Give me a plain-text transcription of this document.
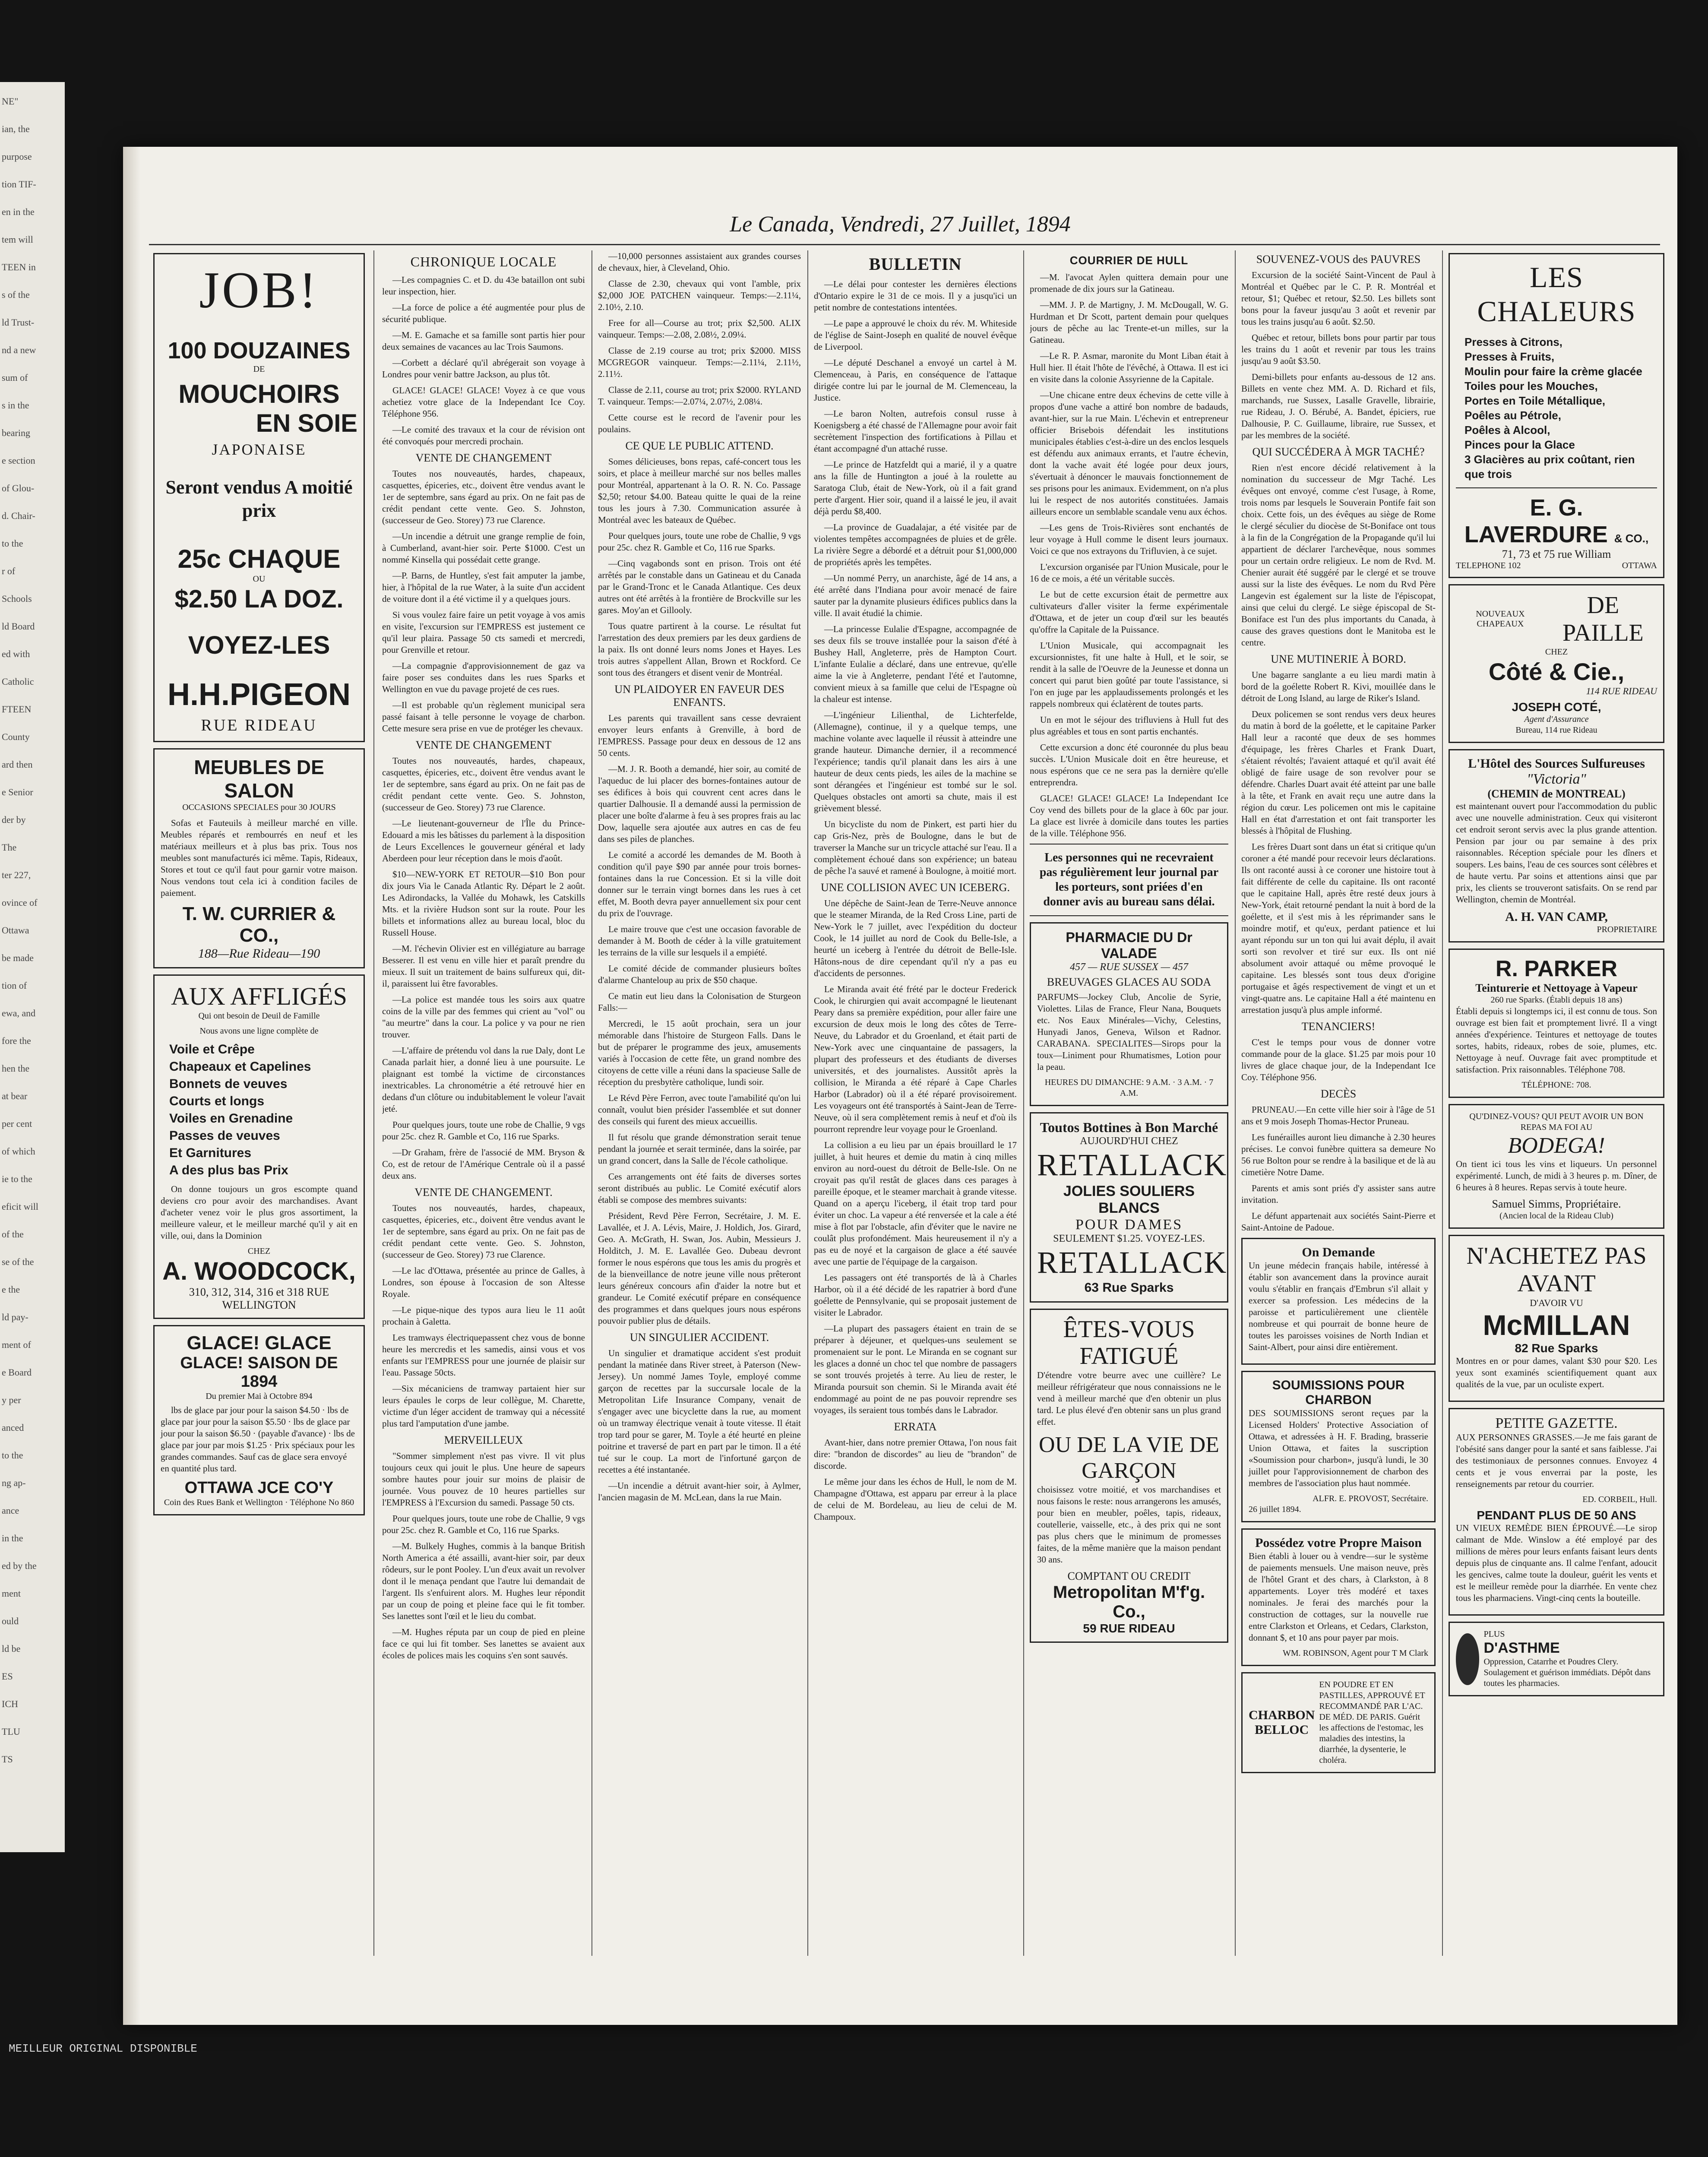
NE"
ian, the
purpose
tion TIF-
en in the
tem will
TEEN in
s of the
ld Trust-
nd a new
sum of
s in the
bearing
e section
of Glou-
d. Chair-
to the
r of
Schools
ld Board
ed with
Catholic
FTEEN
County
ard then
e Senior
der by
The
ter 227,
ovince of
Ottawa
be made
tion of
ewa, and
fore the
hen the
at bear
per cent
of which
ie to the
eficit will
of the
se of the
e the
ld pay-
ment of
e Board
y per
anced
to the
ng ap-
ance
in the
ed by the
ment
ould
ld be
ES
ICH
TLU
TS
Le Canada, Vendredi, 27 Juillet, 1894
JOB!
100 DOUZAINES
DE
MOUCHOIRS
EN SOIE
JAPONAISE
Seront vendus A moitié prix
25c CHAQUE
OU
$2.50 LA DOZ.
VOYEZ-LES
H.H.PIGEON
RUE RIDEAU
MEUBLES DE SALON
OCCASIONS SPECIALES pour 30 JOURS

Sofas et Fauteuils à meilleur marché en ville. Meubles réparés et rembourrés en neuf et les matériaux meilleurs et à plus bas prix. Tous nos meubles sont manufacturés ici même. Tapis, Rideaux, Stores et tout ce qu'il faut pour garnir votre maison. Nous vendons tout cela ici à condition faciles de paiement.

T. W. CURRIER & CO.,
188—Rue Rideau—190
AUX AFFLIGÉS
Qui ont besoin de Deuil de Famille
Nous avons une ligne complète de
Voile et Crêpe
Chapeaux et Capelines
Bonnets de veuves
Courts et longs
Voiles en Grenadine
Passes de veuves
Et Garnitures
A des plus bas Prix

On donne toujours un gros escompte quand deviens cro pour avoir des marchandises. Avant d'acheter venez voir le plus gros assortiment, la meilleure valeur, et le meilleur marché qu'il y ait en ville, oui, dans la Dominion

CHEZ
A. WOODCOCK,
310, 312, 314, 316 et 318 RUE WELLINGTON
GLACE! GLACE
GLACE! SAISON DE 1894
Du premier Mai à Octobre 894

lbs de glace par jour pour la saison $4.50 · lbs de glace par jour pour la saison $5.50 · lbs de glace par jour pour la saison $6.50 · (payable d'avance) · lbs de glace par jour par mois $1.25 · Prix spéciaux pour les grandes commandes. Sauf cas de glace sera envoyé en quantité plus tard.

OTTAWA JCE CO'Y
Coin des Rues Bank et Wellington · Téléphone No 860
CHRONIQUE LOCALE

—Les compagnies C. et D. du 43e bataillon ont subi leur inspection, hier.

—La force de police a été augmentée pour plus de sécurité publique.

—M. E. Gamache et sa famille sont partis hier pour deux semaines de vacances au lac Trois Saumons.

—Corbett a déclaré qu'il abrégerait son voyage à Londres pour venir battre Jackson, au plus tôt.

GLACE! GLACE! GLACE! Voyez à ce que vous achetiez votre glace de la Independant Ice Coy. Téléphone 956.

—Le comité des travaux et la cour de révision ont été convoqués pour mercredi prochain.

VENTE DE CHANGEMENT

Toutes nos nouveautés, hardes, chapeaux, casquettes, épiceries, etc., doivent être vendus avant le 1er de septembre, sans égard au prix. On ne fait pas de crédit pendant cette vente. Geo. S. Johnston, (successeur de Geo. Storey) 73 rue Clarence.

—Un incendie a détruit une grange remplie de foin, à Cumberland, avant-hier soir. Perte $1000. C'est un nommé Kinsella qui possédait cette grange.

—P. Barns, de Huntley, s'est fait amputer la jambe, hier, à l'hôpital de la rue Water, à la suite d'un accident de voiture dont il a été victime il y a quelques jours.

Si vous voulez faire faire un petit voyage à vos amis en visite, l'excursion sur l'EMPRESS est justement ce qu'il leur plaira. Passage 50 cts samedi et mercredi, pour Grenville et retour.

—La compagnie d'approvisionnement de gaz va faire poser ses conduites dans les rues Sparks et Wellington en vue du pavage projeté de ces rues.

—Il est probable qu'un règlement municipal sera passé faisant à telle personne le voyage de charbon. Cette mesure sera prise en vue de protéger les chevaux.

VENTE DE CHANGEMENT

Toutes nos nouveautés, hardes, chapeaux, casquettes, épiceries, etc., doivent être vendus avant le 1er de septembre, sans égard au prix. On ne fait pas de crédit pendant cette vente. Geo. S. Johnston, (successeur de Geo. Storey) 73 rue Clarence.

—Le lieutenant-gouverneur de l'Île du Prince-Edouard a mis les bâtisses du parlement à la disposition de Leurs Excellences le gouverneur général et lady Aberdeen pour leur réception dans le mois d'août.

$10—NEW-YORK ET RETOUR—$10 Bon pour dix jours Via le Canada Atlantic Ry. Départ le 2 août. Les Adirondacks, la Vallée du Mohawk, les Catskills Mts. et la rivière Hudson sont sur la route. Pour les billets et informations allez au bureau local, bloc du Russell House.

—M. l'échevin Olivier est en villégiature au barrage Besserer. Il est venu en ville hier et paraît prendre du mieux. Il suit un traitement de bains sulfureux qui, dit-il, paraissent lui être favorables.

—La police est mandée tous les soirs aux quatre coins de la ville par des femmes qui crient au "vol" ou "au meurtre" dans la cour. La police y va pour ne rien trouver.

—L'affaire de prétendu vol dans la rue Daly, dont Le Canada parlait hier, a donné lieu à une poursuite. Le plaignant est tombé la victime de circonstances inextricables. La chronométrie a été retrouvé hier en dedans d'un clôture ou indubitablement le voleur l'avait jeté.

Pour quelques jours, toute une robe de Challie, 9 vgs pour 25c. chez R. Gamble et Co, 116 rue Sparks.

—Dr Graham, frère de l'associé de MM. Bryson & Co, est de retour de l'Amérique Centrale où il a passé deux ans.

VENTE DE CHANGEMENT.

Toutes nos nouveautés, hardes, chapeaux, casquettes, épiceries, etc., doivent être vendus avant le 1er de septembre, sans égard au prix. On ne fait pas de crédit pendant cette vente. Geo. S. Johnston, (successeur de Geo. Storey) 73 rue Clarence.

—Le lac d'Ottawa, présentée au prince de Galles, à Londres, son épouse à l'occasion de son Altesse Royale.

—Le pique-nique des typos aura lieu le 11 août prochain à Galetta.

Les tramways électriquepassent chez vous de bonne heure les mercredis et les samedis, ainsi vous et vos enfants sur l'EMPRESS pour une journée de plaisir sur l'eau. Passage 50cts.

—Six mécaniciens de tramway partaient hier sur leurs épaules le corps de leur collègue, M. Charette, victime d'un léger accident de tramway qui a nécessité plus tard l'amputation d'une jambe.

MERVEILLEUX

"Sommer simplement n'est pas vivre. Il vit plus toujours ceux qui jouit le plus. Une heure de sapeurs sombre hautes pour jouir sur moins de plaisir de journée. Vous pouvez de 10 heures partielles sur l'EMPRESS à l'Excursion du samedi. Passage 50 cts.

Pour quelques jours, toute une robe de Challie, 9 vgs pour 25c. chez R. Gamble et Co, 116 rue Sparks.

—M. Bulkely Hughes, commis à la banque British North America a été assailli, avant-hier soir, par deux rôdeurs, sur le pont Pooley. L'un d'eux avait un revolver dont il le menaça pendant que l'autre lui demandait de l'argent. Ils s'enfuirent alors. M. Hughes leur répondit par un coup de poing et pleine face qui le fit tomber. Ses lanettes sont l'œil et le lieu du combat.

—M. Hughes réputa par un coup de pied en pleine face ce qui lui fit tomber. Ses lanettes se avaient aux écoles de polices mais les coquins s'en sont sauvés.

—10,000 personnes assistaient aux grandes courses de chevaux, hier, à Cleveland, Ohio.

Classe de 2.30, chevaux qui vont l'amble, prix $2,000 JOE PATCHEN vainqueur. Temps:—2.11¼, 2.10½, 2.10.

Free for all—Course au trot; prix $2,500. ALIX vainqueur. Temps:—2.08, 2.08½, 2.09¼.

Classe de 2.19 course au trot; prix $2000. MISS MCGREGOR vainqueur. Temps:—2.11¼, 2.11½, 2.11½.

Classe de 2.11, course au trot; prix $2000. RYLAND T. vainqueur. Temps:—2.07¼, 2.07½, 2.08¼.

Cette course est le record de l'avenir pour les poulains.

CE QUE LE PUBLIC ATTEND.

Somes délicieuses, bons repas, café-concert tous les soirs, et place à meilleur marché sur nos belles malles pour Montréal, appartenant à la O. R. N. Co. Passage $2,50; retour $4.00. Bateau quitte le quai de la reine tous les jours à 7.30. Communication assurée à Montréal avec les bateaux de Québec.

Pour quelques jours, toute une robe de Challie, 9 vgs pour 25c. chez R. Gamble et Co, 116 rue Sparks.

—Cinq vagabonds sont en prison. Trois ont été arrêtés par le constable dans un Gatineau et du Canada par le Grand-Tronc et le Canada Atlantique. Ces deux autres ont été arrêtés à la frontière de Brockville sur les gares. Moy'an et Gillooly.

Tous quatre partirent à la course. Le résultat fut l'arrestation des deux premiers par les deux gardiens de la paix. Ils ont donné leurs noms Jones et Hayes. Les trois autres s'appellent Allan, Brown et Rockford. Ce sont tous des étrangers et disent venir de Montréal.

UN PLAIDOYER EN FAVEUR DES ENFANTS.

Les parents qui travaillent sans cesse devraient envoyer leurs enfants à Grenville, à bord de l'EMPRESS. Passage pour deux en dessous de 12 ans 50 cents.

—M. J. R. Booth a demandé, hier soir, au comité de l'aqueduc de lui placer des bornes-fontaines autour de ses édifices à bois qui couvrent cent acres dans le quartier Dalhousie. Il a demandé aussi la permission de placer une boîte d'alarme à feu à ses propres frais au lac Dow, laquelle sera ajoutée aux autres en cas de feu dans ses piles de planches.

Le comité a accordé les demandes de M. Booth à condition qu'il paye $90 par année pour trois bornes-fontaines dans la rue Concession. Et si la ville doit donner sur le terrain vingt bornes dans les rues à cet effet, M. Booth devra payer annuellement six pour cent du prix de l'ouvrage.

Le maire trouve que c'est une occasion favorable de demander à M. Booth de céder à la ville gratuitement les terrains de la ville sur lesquels il a empiété.

Le comité décide de commander plusieurs boîtes d'alarme Chanteloup au prix de $50 chaque.

Ce matin eut lieu dans la Colonisation de Sturgeon Falls:—

Mercredi, le 15 août prochain, sera un jour mémorable dans l'histoire de Sturgeon Falls. Dans le but de préparer le programme des jeux, amusements variés à l'occasion de cette fête, un grand nombre des citoyens de cette ville a réuni dans la spacieuse Salle de réception du presbytère catholique, lundi soir.

Le Révd Père Ferron, avec toute l'amabilité qu'on lui connaît, voulut bien présider l'assemblée et sut donner des conseils qui furent des mieux accueillis.

Il fut résolu que grande démonstration serait tenue pendant la journée et serait terminée, dans la soirée, par un grand concert, dans la Salle de l'école catholique.

Ces arrangements ont été faits de diverses sortes seront distribués au public. Le Comité exécutif alors établi se compose des membres suivants:

Président, Revd Père Ferron, Secrétaire, J. M. E. Lavallée, et J. A. Lévis, Maire, J. Holdich, Jos. Girard, Geo. A. McGrath, H. Swan, Jos. Aubin, Messieurs J. Holditch, J. M. E. Lavallée Geo. Dubeau devront former le nous espérons que tous les amis du progrès et de la bienveillance de notre jeune ville nous prêteront leurs généreux concours afin d'aider la notre but et grandeur. Le Comité exécutif prépare en conséquence des programmes et dans quelques jours nous espérons pouvoir publier plus de détails.

UN SINGULIER ACCIDENT.

Un singulier et dramatique accident s'est produit pendant la matinée dans River street, à Paterson (New-Jersey). Un nommé James Toyle, employé comme garçon de recettes par la succursale locale de la Metropolitan Life Insurance Company, venait de s'engager avec une bicyclette dans la rue, au moment où un tramway électrique venait à toute vitesse. Il était trop tard pour se garer, M. Toyle a été heurté en pleine poitrine et traversé de part en part par le timon. Il a été tué sur le coup. La mort de l'infortuné garçon de recettes a été instantanée.

—Un incendie a détruit avant-hier soir, à Aylmer, l'ancien magasin de M. McLean, dans la rue Main.

BULLETIN

—Le délai pour contester les dernières élections d'Ontario expire le 31 de ce mois. Il y a jusqu'ici un petit nombre de contestations intentées.

—Le pape a approuvé le choix du rév. M. Whiteside de l'église de Saint-Joseph en qualité de nouvel évêque de Liverpool.

—Le député Deschanel a envoyé un cartel à M. Clemenceau, à Paris, en conséquence de l'attaque dirigée contre lui par le journal de M. Clemenceau, la Justice.

—Le baron Nolten, autrefois consul russe à Koenigsberg a été chassé de l'Allemagne pour avoir fait secrètement l'inspection des fortifications à Pillau et étant accompagné d'un attaché russe.

—Le prince de Hatzfeldt qui a marié, il y a quatre ans la fille de Huntington a joué à la roulette au Saratoga Club, était de New-York, où il a fait grand perte d'argent. Hier soir, quand il a laissé le jeu, il avait déjà perdu $8,400.

—La province de Guadalajar, a été visitée par de violentes tempêtes accompagnées de pluies et de grêle. La rivière Segre a débordé et a détruit pour $1,000,000 de propriétés après les tempêtes.

—Un nommé Perry, un anarchiste, âgé de 14 ans, a été arrêté dans l'Indiana pour avoir menacé de faire sauter par la dynamite plusieurs édifices publics dans la ville. Il avait étudié la chimie.

—La princesse Eulalie d'Espagne, accompagnée de ses deux fils se trouve installée pour la saison d'été à Bushey Hall, Angleterre, près de Hampton Court. L'infante Eulalie a déclaré, dans une entrevue, qu'elle aime la vie à Angleterre, pendant l'été et l'automne, convient mieux à sa famille que celui de l'Espagne où la chaleur est intense.

—L'ingénieur Lilienthal, de Lichterfelde, (Allemagne), continue, il y a quelque temps, une machine volante avec laquelle il réussit à atteindre une grande hauteur. Dimanche dernier, il a recommencé l'expérience; tandis qu'il planait dans les airs à une hauteur de deux cents pieds, les ailes de la machine se sont dérangées et l'ingénieur est tombé sur le sol. Quelques obstacles ont amorti sa chute, mais il est grièvement blessé.

Un bicycliste du nom de Pinkert, est parti hier du cap Gris-Nez, près de Boulogne, dans le but de traverser la Manche sur un tricycle attaché sur l'eau. Il a complètement échoué dans son expérience; un bateau de pêche l'a sauvé et ramené à Boulogne, à moitié mort.

UNE COLLISION AVEC UN ICEBERG.

Une dépêche de Saint-Jean de Terre-Neuve annonce que le steamer Miranda, de la Red Cross Line, parti de New-York le 7 juillet, avec l'expédition du docteur Cook, le 14 juillet au nord de Cook du Belle-Isle, a heurté un iceberg à l'entrée du détroit de Belle-Isle. Hâtons-nous de dire cependant qu'il n'y a pas eu d'accidents de personnes.

Le Miranda avait été frété par le docteur Frederick Cook, le chirurgien qui avait accompagné le lieutenant Peary dans sa première expédition, pour aller faire une excursion de deux mois le long des côtes de Terre-Neuve, du Labrador et du Groenland, et était parti de New-York avec une cinquantaine de passagers, la plupart des professeurs et des étudiants de diverses universités, et des journalistes. Aussitôt après la collision, le Miranda a été réparé à Cape Charles Harbor (Labrador) où il a été réparé provisoirement. Les voyageurs ont été transportés à Saint-Jean de Terre-Neuve, où il sera complètement remis à neuf et d'où ils pourront reprendre leur voyage pour le Groenland.

La collision a eu lieu par un épais brouillard le 17 juillet, à huit heures et demie du matin à cinq milles environ au nord-ouest du détroit de Belle-Isle. On ne croyait pas qu'il restât de glaces dans ces parages à pareille époque, et le steamer marchait à grande vitesse. Quand on a aperçu l'iceberg, il était trop tard pour éviter un choc. La vapeur a été renversée et la cale a été mise à flot par l'obstacle, afin d'éviter que le navire ne coulât plus profondément. Mais heureusement il n'y a pas eu de noyé et la cargaison de glace a été sauvée avec une partie de l'équipage de la cargaison.

Les passagers ont été transportés de là à Charles Harbor, où il a été décidé de les rapatrier à bord d'une goélette de Pennsylvanie, qui se proposait justement de visiter le Labrador.

—La plupart des passagers étaient en train de se préparer à déjeuner, et quelques-uns seulement se promenaient sur le pont. Le Miranda en se cognant sur les glaces a donné un choc tel que nombre de passagers se sont trouvés projetés à terre. Au lieu de rester, le Miranda poursuit son chemin. Si le Miranda avait été endommagé au point de ne pas pouvoir reprendre ses voyages, ils seraient tous tombés dans le Labrador.

ERRATA

Avant-hier, dans notre premier Ottawa, l'on nous fait dire: "brandon de discordes" au lieu de "brandon" de discorde.

Le même jour dans les échos de Hull, le nom de M. Champagne d'Ottawa, est apparu par erreur à la place de celui de M. Bordeleau, au lieu de celui de M. Champoux.

COURRIER DE HULL

—M. l'avocat Aylen quittera demain pour une promenade de dix jours sur la Gatineau.

—MM. J. P. de Martigny, J. M. McDougall, W. G. Hurdman et Dr Scott, partent demain pour quelques jours de pêche au lac Trente-et-un milles, sur la Gatineau.

—Le R. P. Asmar, maronite du Mont Liban était à Hull hier. Il était l'hôte de l'évêché, à Ottawa. Il est ici en visite dans la colonie Assyrienne de la Capitale.

—Une chicane entre deux échevins de cette ville à propos d'une vache a attiré bon nombre de badauds, avant-hier, sur la rue Main. L'échevin et entrepreneur officier Brisebois défendait les institutions municipales établies c'est-à-dire un des enclos lesquels est défendu aux animaux errants, et l'autre échevin, dont la vache avait été logée pour deux jours, s'évertuait à dénoncer le mauvais fonctionnement de ses prisons pour les animaux. Evidemment, on n'a plus lui le respect de nos autorités constituées. Jamais ailleurs encore un semblable scandale venu aux échos.

—Les gens de Trois-Rivières sont enchantés de leur voyage à Hull comme le disent leurs journaux. Voici ce que nos extrayons du Trifluvien, à ce sujet.

L'excursion organisée par l'Union Musicale, pour le 16 de ce mois, a été un véritable succès.

Le but de cette excursion était de permettre aux cultivateurs d'aller visiter la ferme expérimentale d'Ottawa, et de jeter un coup d'œil sur les beautés qu'offre la Capitale de la Puissance.

L'Union Musicale, qui accompagnait les excursionnistes, fit une halte à Hull, et le soir, se rendit à la salle de l'Oeuvre de la Jeunesse et donna un concert qui parut bien goûté par toute l'assistance, si l'on en juge par les applaudissements prolongés et les rappels nombreux qui éclatèrent de toutes parts.

Un en mot le séjour des trifluviens à Hull fut des plus agréables et tous en sont partis enchantés.

Cette excursion a donc été couronnée du plus beau succès. L'Union Musicale doit en être heureuse, et nous espérons que ce ne sera pas la dernière qu'elle entreprendra.

GLACE! GLACE! GLACE! La Independant Ice Coy vend des billets pour de la glace à 60c par jour. La glace est livrée à domicile dans toutes les parties de la ville. Téléphone 956.

Les personnes qui ne recevraient pas régulièrement leur journal par les porteurs, sont priées d'en donner avis au bureau sans délai.
PHARMACIE DU Dr VALADE
457 — RUE SUSSEX — 457
BREUVAGES GLACES AU SODA

PARFUMS—Jockey Club, Ancolie de Syrie, Violettes. Lilas de France, Fleur Nana, Bouquets etc. Nos Eaux Minérales—Vichy, Celestins, Hunyadi Janos, Geneva, Wilson et Radnor. CARABANA. SPECIALITES—Sirops pour la toux—Liniment pour Rhumatismes, Lotion pour la peau.

HEURES DU DIMANCHE: 9 A.M. · 3 A.M. · 7 A.M.
Toutos Bottines à Bon Marché
AUJOURD'HUI CHEZ
RETALLACK
JOLIES SOULIERS BLANCS
POUR DAMES
SEULEMENT $1.25. VOYEZ-LES.
RETALLACK
63 Rue Sparks
ÊTES-VOUS FATIGUÉ

D'étendre votre beurre avec une cuillère? Le meilleur réfrigérateur que nous connaissions ne le vend à meilleur marché que d'en obtenir un plus tard. Le plus élevé d'en obtenir sans un plus grand effet.

OU DE LA VIE DE GARÇON

choisissez votre moitié, et vos marchandises et nous faisons le reste: nous arrangerons les amusés, pour bien en meubler, poêles, tapis, rideaux, coutellerie, vaisselle, etc., à des prix qui ne sont pas plus chers que le minimum de promesses faites, de la même manière que la maison pendant 30 ans.

COMPTANT OU CREDIT
Metropolitan M'f'g. Co.,
59 RUE RIDEAU
SOUVENEZ-VOUS des PAUVRES

Excursion de la société Saint-Vincent de Paul à Montréal et Québec par le C. P. R. Montréal et retour, $1; Québec et retour, $2.50. Les billets sont bons pour la faveur jusqu'au 3 août et revenir par tous les trains jusqu'au 6 août. $2.50.

Québec et retour, billets bons pour partir par tous les trains du 1 août et revenir par tous les trains jusqu'au 9 août $3.50.

Demi-billets pour enfants au-dessous de 12 ans. Billets en vente chez MM. A. D. Richard et fils, marchands, rue Sussex, Lasalle Gravelle, librairie, rue Rideau, J. O. Bérubé, A. Bandet, épiciers, rue Dalhousie, P. C. Guillaume, libraire, rue Sussex, et par les membres de la société.

QUI SUCCÉDERA À MGR TACHÉ?

Rien n'est encore décidé relativement à la nomination du successeur de Mgr Taché. Les évêques ont envoyé, comme c'est l'usage, à Rome, trois noms par lesquels le Souverain Pontife fait son choix. Cette fois, un des évêques au siège de Rome le clergé séculier du diocèse de St-Boniface ont tous à la fin de la Congrégation de la Propagande qu'il lui appartient de déclarer l'archevêque, nous sommes pour un certain ordre religieux. Le nom de Rvd. M. Chenier aurait été suggéré par le clergé et se trouve aussi sur la liste des évêques. Le nom du Rvd Père Langevin est également sur la liste de l'épiscopat, ainsi que celui du clergé. Le siège épiscopal de St-Boniface est l'un des plus importants du Canada, à cause des graves questions dont le Manitoba est le centre.

UNE MUTINERIE À BORD.

Une bagarre sanglante a eu lieu mardi matin à bord de la goélette Robert R. Kivi, mouillée dans le détroit de Long Island, au large de Riker's Island.

Deux policemen se sont rendus vers deux heures du matin à bord de la goélette, et le capitaine Parker Hall leur a raconté que deux de ses hommes d'équipage, les frères Charles et Frank Duart, s'étaient révoltés; l'avaient attaqué et qu'il avait été obligé de faire usage de son revolver pour se défendre. Charles Duart avait été atteint par une balle à la tête, et Frank en avait reçu une autre dans la région du cœur. Les policemen ont mis le capitaine Hall en état d'arrestation et ont fait transporter les blessés à l'hôpital de Flushing.

Les frères Duart sont dans un état si critique qu'un coroner a été mandé pour recevoir leurs déclarations. Ils ont raconté aussi à ce coroner une histoire tout à fait différente de celle du capitaine. Ils ont raconté que le capitaine Hall, après être resté deux jours à New-York, était retourné pendant la nuit à bord de la goélette, et il s'est mis à les réprimander sans le moindre motif, et qu'eux, perdant patience et lui ayant répondu sur un ton qui lui avait déplu, il avait sorti son revolver et tiré sur eux. Ils ont nié absolument avoir attaqué ou même provoqué le capitaine. Les blessés sont tous deux d'origine portugaise et âgés respectivement de vingt et un et vingt-quatre ans. Le capitaine Hall a été maintenu en arrestation jusqu'à plus ample informé.

TENANCIERS!

C'est le temps pour vous de donner votre commande pour de la glace. $1.25 par mois pour 10 livres de glace chaque jour, de la Independant Ice Coy. Téléphone 956.

DECÈS

PRUNEAU.—En cette ville hier soir à l'âge de 51 ans et 9 mois Joseph Thomas-Hector Pruneau.

Les funérailles auront lieu dimanche à 2.30 heures précises. Le convoi funèbre quittera sa demeure No 56 rue Bolton pour se rendre à la basilique et de là au cimetière Notre Dame.

Parents et amis sont priés d'y assister sans autre invitation.

Le défunt appartenait aux sociétés Saint-Pierre et Saint-Antoine de Padoue.

On Demande

Un jeune médecin français habile, intéressé à établir son avancement dans la province aurait voulu s'établir en français d'Embrun s'il allait y exercer sa profession. Les médecins de la paroisse et particulièrement une clientèle nombreuse et qui pourrait de bonne heure de toutes les paroisses voisines de North Indian et Saint-Albert, pour ainsi dire entièrement.

SOUMISSIONS POUR CHARBON

DES SOUMISSIONS seront reçues par la Licensed Holders' Protective Association of Ottawa, et adressées à H. F. Brading, brasserie Union Ottawa, et faites la suscription «Soumission pour charbon», jusqu'à lundi, le 30 juillet pour l'approvisionnement de charbon des membres de l'association plus haut nommée.

ALFR. E. PROVOST, Secrétaire.
26 juillet 1894.
Possédez votre Propre Maison

Bien établi à louer ou à vendre—sur le système de paiements mensuels. Une maison neuve, près de l'hôtel Grant et des chars, à Clarkston, à 8 appartements. Loyer très modéré et taxes nominales. Je ferai des marchés pour la construction de cottages, sur la nouvelle rue entre Clarkston et Orleans, et Cedars, Clarkston, donnant $, et 10 ans pour payer par mois.

WM. ROBINSON, Agent pour T M Clark
CHARBON
BELLOC
EN POUDRE ET EN PASTILLES, APPROUVÉ ET RECOMMANDÉ PAR L'AC. DE MÉD. DE PARIS. Guérit les affections de l'estomac, les maladies des intestins, la diarrhée, la dysenterie, le choléra.
LES CHALEURS
Presses à Citrons,
Presses à Fruits,
Moulin pour faire la crème glacée
Toiles pour les Mouches,
Portes en Toile Métallique,
Poêles au Pétrole,
Poêles à Alcool,
Pinces pour la Glace
3 Glacières au prix coûtant, rien que trois
E. G. LAVERDURE & CO.,
71, 73 et 75 rue William
TELEPHONE 102	OTTAWA
NOUVEAUX CHAPEAUX
DE PAILLE
CHEZ
Côté & Cie.,
114 RUE RIDEAU
JOSEPH COTÉ,
Agent d'Assurance
Bureau, 114 rue Rideau
L'Hôtel des Sources Sulfureuses
"Victoria"
(CHEMIN de MONTREAL)

est maintenant ouvert pour l'accommodation du public avec une nouvelle administration. Ceux qui visiteront cet endroit seront servis avec la plus grande attention. Pension par jour ou par semaine à des prix raisonnables. Réception spéciale pour les dîners et soupers. Les bains, l'eau de ces sources sont célèbres et de haute vertu. Par soins et attentions ainsi que par prix, les clients se trouveront satisfaits. On se rend par Wellington, chemin de Montréal.

A. H. VAN CAMP,
PROPRIETAIRE
R. PARKER
Teinturerie et Nettoyage à Vapeur
260 rue Sparks. (Établi depuis 18 ans)

Établi depuis si longtemps ici, il est connu de tous. Son ouvrage est bien fait et promptement livré. Il a vingt années d'expérience. Teintures et nettoyage de toutes sortes, habits, rideaux, robes de soie, plumes, etc. Nettoyage à neuf. Ouvrage fait avec promptitude et satisfaction. Prix raisonnables. Téléphone 708.

TÉLÉPHONE: 708.
QU'DINEZ-VOUS? QUI PEUT AVOIR UN BON REPAS MA FOI AU
BODEGA!

On tient ici tous les vins et liqueurs. Un personnel expérimenté. Lunch, de midi à 3 heures p. m. Dîner, de 6 heures à 8 heures. Repas servis à toute heure.

Samuel Simms, Propriétaire.
(Ancien local de la Rideau Club)
N'ACHETEZ PAS AVANT
D'AVOIR VU
McMILLAN
82 Rue Sparks

Montres en or pour dames, valant $30 pour $20. Les yeux sont examinés scientifiquement quant aux qualités de la vue, par un oculiste expert.

PETITE GAZETTE.

AUX PERSONNES GRASSES.—Je me fais garant de l'obésité sans danger pour la santé et sans faiblesse. J'ai des testimoniaux de personnes connues. Envoyez 4 cents et je vous enverrai par la poste, les renseignements par retour du courrier.

ED. CORBEIL, Hull.
PENDANT PLUS DE 50 ANS

UN VIEUX REMÈDE BIEN ÉPROUVÉ.—Le sirop calmant de Mde. Winslow a été employé par des millions de mères pour leurs enfants faisant leurs dents depuis plus de cinquante ans. Il calme l'enfant, adoucit les gencives, calme toute la douleur, guérit les vents et est le meilleur remède pour la diarrhée. En vente chez tous les pharmaciens. Vingt-cinq cents la bouteille.

PLUS
D'ASTHME
Oppression, Catarrhe et Poudres Clery. Soulagement et guérison immédiats. Dépôt dans toutes les pharmacies.
MEILLEUR ORIGINAL DISPONIBLE
